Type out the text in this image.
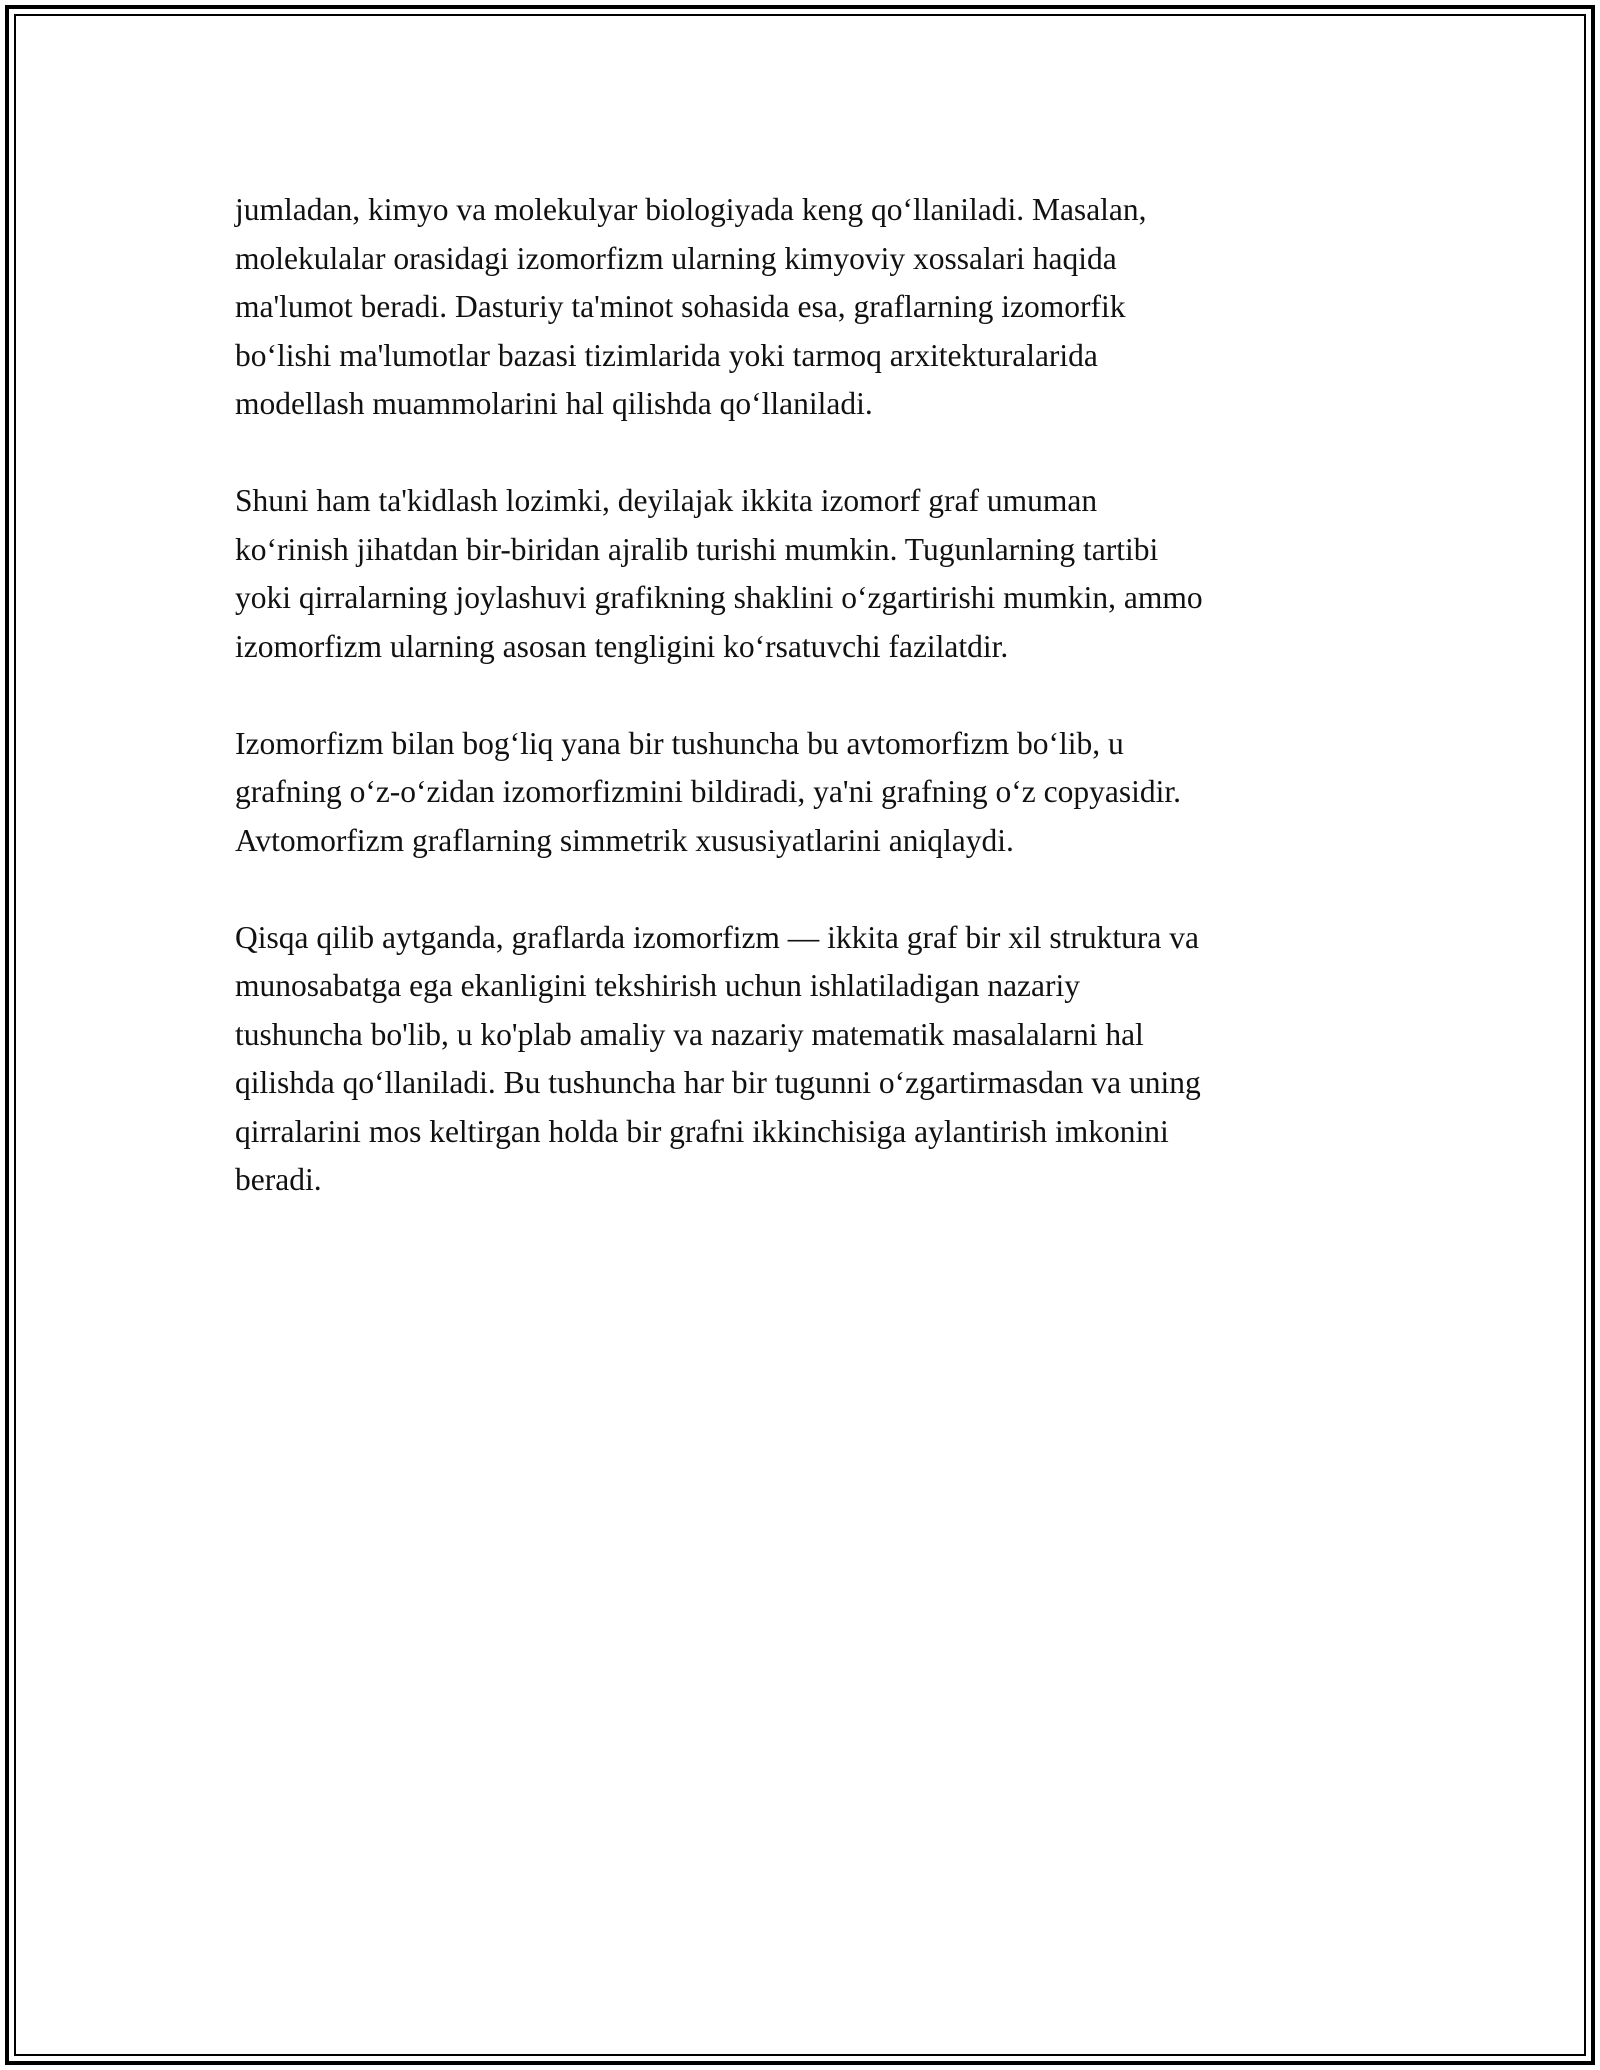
jumladan, kimyo va molekulyar biologiyada keng qo‘llaniladi. Masalan,
molekulalar orasidagi izomorfizm ularning kimyoviy xossalari haqida
ma'lumot beradi. Dasturiy ta'minot sohasida esa, graflarning izomorfik
bo‘lishi ma'lumotlar bazasi tizimlarida yoki tarmoq arxitekturalarida
modellash muammolarini hal qilishda qo‘llaniladi.

Shuni ham ta'kidlash lozimki, deyilajak ikkita izomorf graf umuman
ko‘rinish jihatdan bir-biridan ajralib turishi mumkin. Tugunlarning tartibi
yoki qirralarning joylashuvi grafikning shaklini o‘zgartirishi mumkin, ammo
izomorfizm ularning asosan tengligini ko‘rsatuvchi fazilatdir.

Izomorfizm bilan bog‘liq yana bir tushuncha bu avtomorfizm bo‘lib, u
grafning o‘z-o‘zidan izomorfizmini bildiradi, ya'ni grafning o‘z copyasidir.
Avtomorfizm graflarning simmetrik xususiyatlarini aniqlaydi.

Qisqa qilib aytganda, graflarda izomorfizm — ikkita graf bir xil struktura va
munosabatga ega ekanligini tekshirish uchun ishlatiladigan nazariy
tushuncha bo'lib, u ko'plab amaliy va nazariy matematik masalalarni hal
qilishda qo‘llaniladi. Bu tushuncha har bir tugunni o‘zgartirmasdan va uning
qirralarini mos keltirgan holda bir grafni ikkinchisiga aylantirish imkonini
beradi.
